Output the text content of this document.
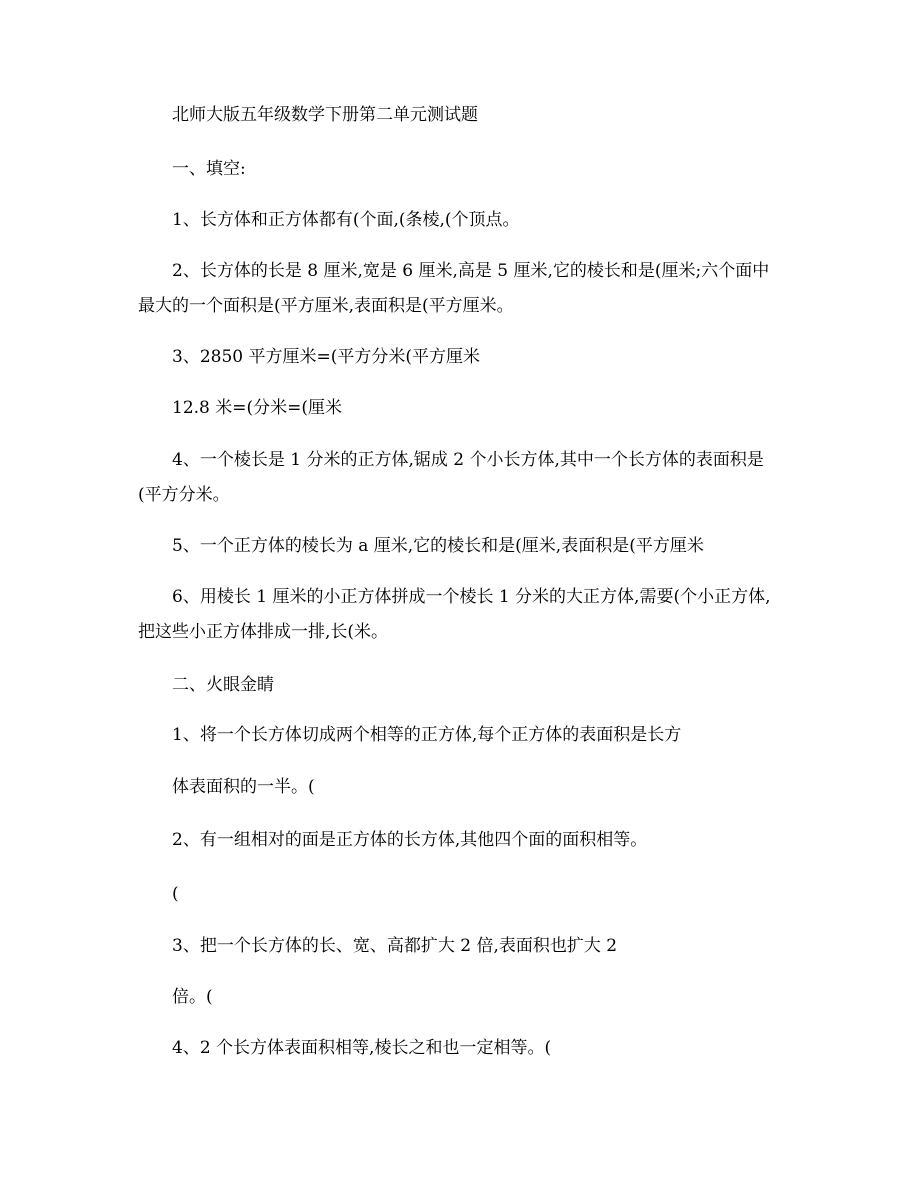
北师大版五年级数学下册第二单元测试题
一、填空:
1、长方体和正方体都有(个面,(条棱,(个顶点。
2、长方体的长是 8 厘米,宽是 6 厘米,高是 5 厘米,它的棱长和是(厘米;六个面中
最大的一个面积是(平方厘米,表面积是(平方厘米。
3、2850 平方厘米=(平方分米(平方厘米
12.8 米=(分米=(厘米
4、一个棱长是 1 分米的正方体,锯成 2 个小长方体,其中一个长方体的表面积是
(平方分米。
5、一个正方体的棱长为 a 厘米,它的棱长和是(厘米,表面积是(平方厘米
6、用棱长 1 厘米的小正方体拼成一个棱长 1 分米的大正方体,需要(个小正方体,
把这些小正方体排成一排,长(米。
二、火眼金睛
1、将一个长方体切成两个相等的正方体,每个正方体的表面积是长方
体表面积的一半。(
2、有一组相对的面是正方体的长方体,其他四个面的面积相等。
(
3、把一个长方体的长、宽、高都扩大 2 倍,表面积也扩大 2
倍。(
4、2 个长方体表面积相等,棱长之和也一定相等。(
